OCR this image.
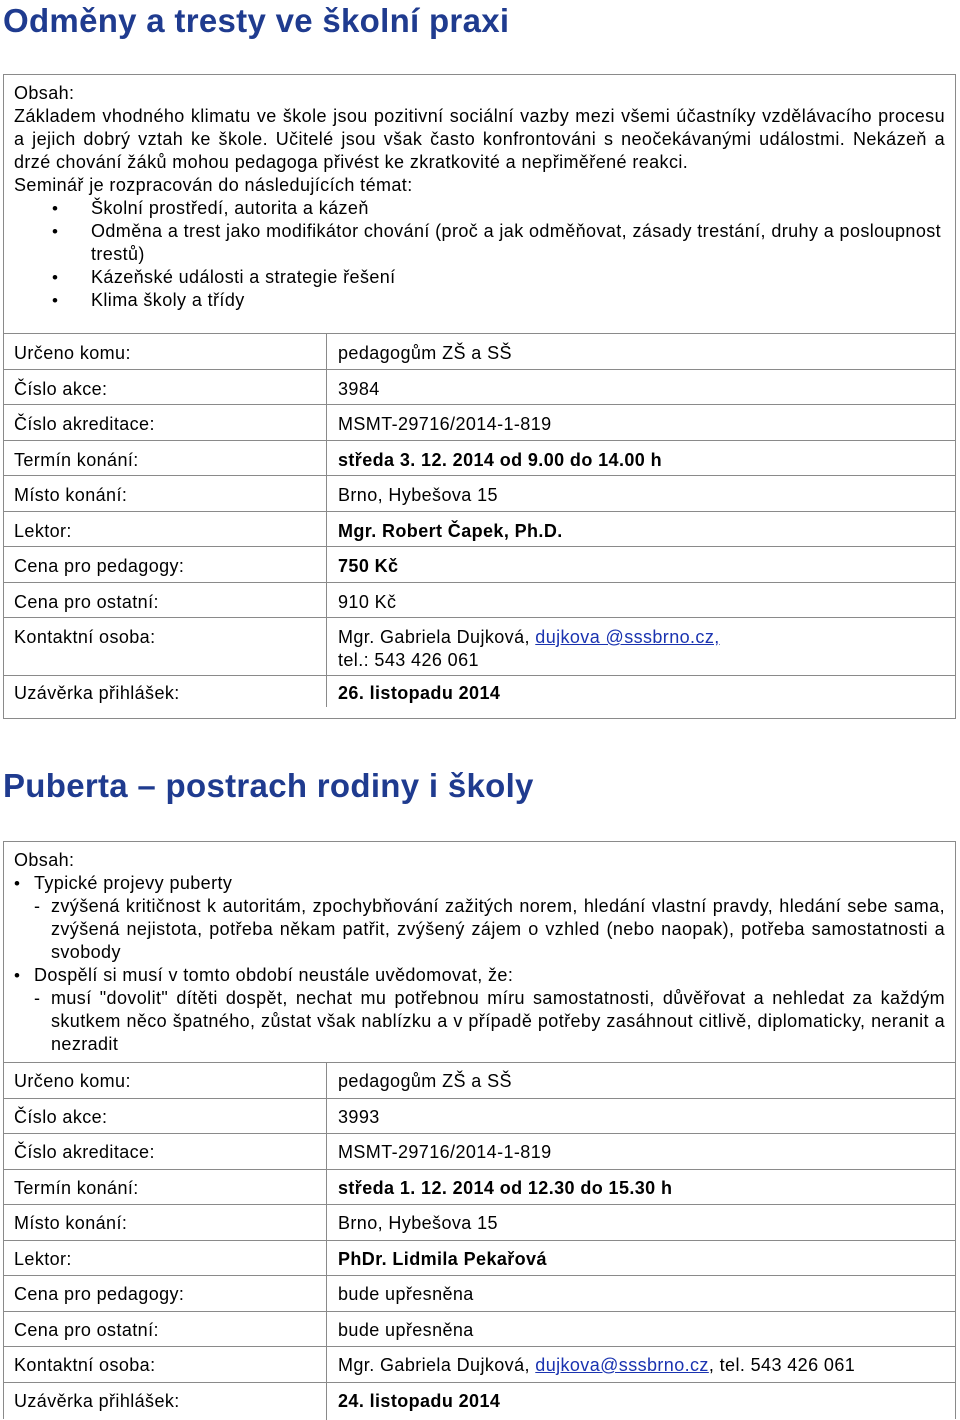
Odměny a tresty ve školní praxi
Obsah:
Základem vhodného klimatu ve škole jsou pozitivní sociální vazby mezi všemi účastníky vzdělávacího procesu a jejich dobrý vztah ke škole. Učitelé jsou však často konfrontováni s neočekávanými událostmi. Nekázeň a drzé chování žáků mohou pedagoga přivést ke zkratkovité a nepřiměřené reakci.
Seminář je rozpracován do následujících témat:
• Školní prostředí, autorita a kázeň
• Odměna a trest jako modifikátor chování (proč a jak odměňovat, zásady trestání, druhy a posloupnost trestů)
• Kázeňské události a strategie řešení
• Klima školy a třídy
Určeno komu:	pedagogům ZŠ a SŠ
Číslo akce:	3984
Číslo akreditace:	MSMT-29716/2014-1-819
Termín konání:	středa 3. 12. 2014 od 9.00 do 14.00 h
Místo konání:	Brno, Hybešova 15
Lektor:	Mgr. Robert Čapek, Ph.D.
Cena pro pedagogy:	750 Kč
Cena pro ostatní:	910 Kč
Kontaktní osoba:	Mgr. Gabriela Dujková, dujkova @sssbrno.cz,
tel.: 543 426 061
Uzávěrka přihlášek:	26. listopadu 2014
Puberta – postrach rodiny i školy
Obsah:
• Typické projevy puberty
- zvýšená kritičnost k autoritám, zpochybňování zažitých norem, hledání vlastní pravdy, hledání sebe sama, zvýšená nejistota, potřeba někam patřit, zvýšený zájem o vzhled (nebo naopak), potřeba samostatnosti a svobody
• Dospělí si musí v tomto období neustále uvědomovat, že:
- musí "dovolit" dítěti dospět, nechat mu potřebnou míru samostatnosti, důvěřovat a nehledat za každým skutkem něco špatného, zůstat však nablízku a v případě potřeby zasáhnout citlivě, diplomaticky, neranit a nezradit
Určeno komu:	pedagogům ZŠ a SŠ
Číslo akce:	3993
Číslo akreditace:	MSMT-29716/2014-1-819
Termín konání:	středa 1. 12. 2014 od 12.30 do 15.30 h
Místo konání:	Brno, Hybešova 15
Lektor:	PhDr. Lidmila Pekařová
Cena pro pedagogy:	bude upřesněna
Cena pro ostatní:	bude upřesněna
Kontaktní osoba:	Mgr. Gabriela Dujková, dujkova@sssbrno.cz, tel. 543 426 061
Uzávěrka přihlášek:	24. listopadu 2014
